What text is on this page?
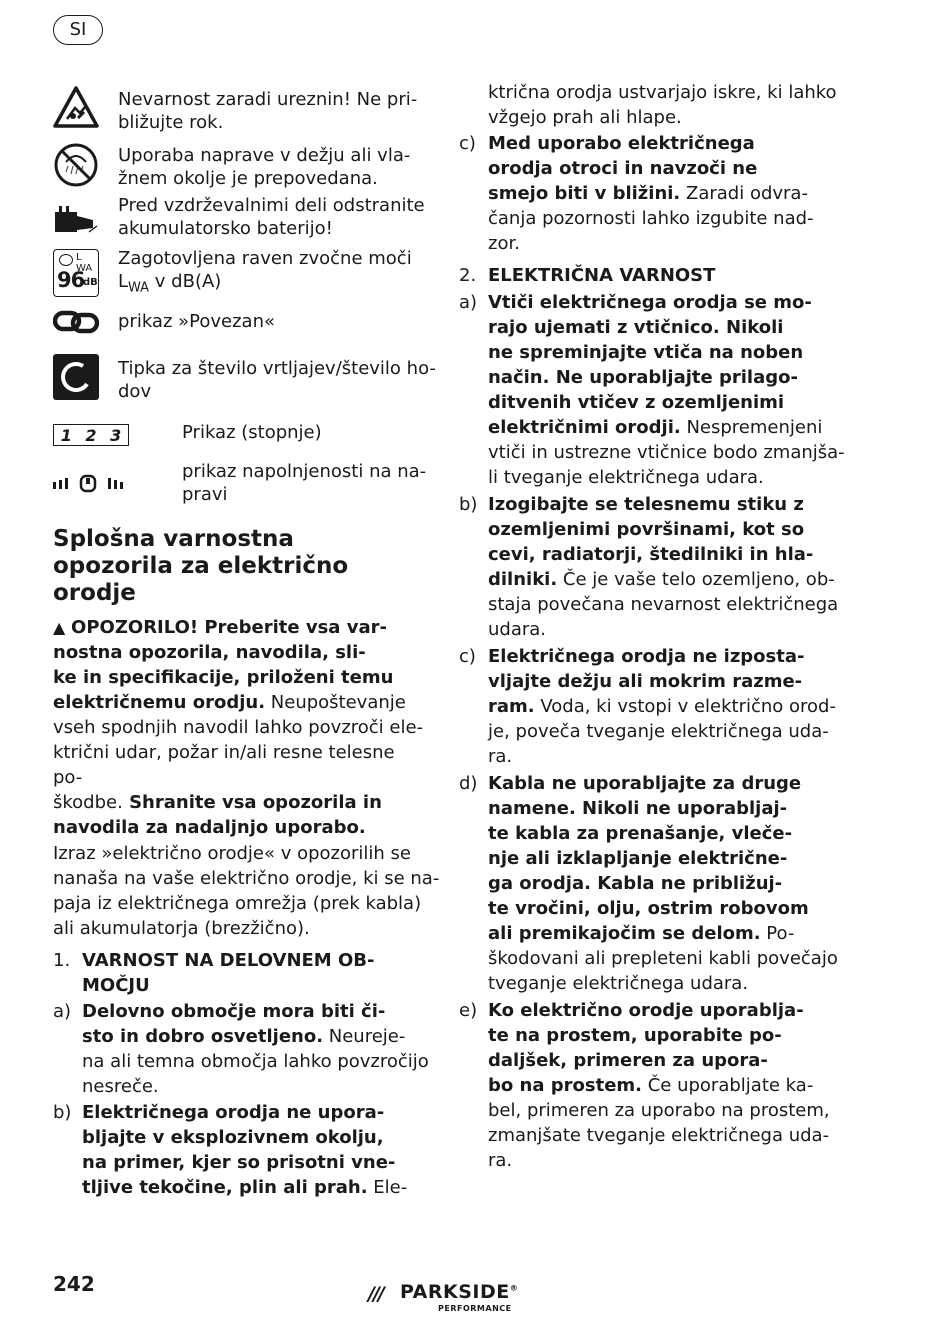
SI
Nevarnost zaradi ureznin! Ne pri-
bližujte rok.
Uporaba naprave v dežju ali vla-
žnem okolje je prepovedana.
Pred vzdrževalnimi deli odstranite
akumulatorsko baterijo!
L WA
96
dB
Zagotovljena raven zvočne moči
$L_{WA}$ v dB(A)
prikaz »Povezan«
Tipka za število vrtljajev/število ho-
dov
1 2 3	Prikaz (stopnje)
prikaz napolnjenosti na na-
pravi
Splošna varnostna
opozorila za električno
orodje

▲ OPOZORILO! Preberite vsa var-
nostna opozorila, navodila, sli-
ke in specifikacije, priloženi temu
električnemu orodju. Neupoštevanje
vseh spodnjih navodil lahko povzroči ele-
ktrični udar, požar in/ali resne telesne po-
škodbe. Shranite vsa opozorila in
navodila za nadaljnjo uporabo.

Izraz »električno orodje« v opozorilih se
nanaša na vaše električno orodje, ki se na-
paja iz električnega omrežja (prek kabla)
ali akumulatorja (brezžično).

1. VARNOST NA DELOVNEM OB-
MOČJU
a) Delovno območje mora biti či-
sto in dobro osvetljeno. Neureje-
na ali temna območja lahko povzročijo
nesreče.
b) Električnega orodja ne upora-
bljajte v eksplozivnem okolju,
na primer, kjer so prisotni vne-
tljive tekočine, plin ali prah. Ele-
ktrična orodja ustvarjajo iskre, ki lahko
vžgejo prah ali hlape.
c) Med uporabo električnega
orodja otroci in navzoči ne
smejo biti v bližini. Zaradi odvra-
čanja pozornosti lahko izgubite nad-
zor.
2. ELEKTRIČNA VARNOST
a) Vtiči električnega orodja se mo-
rajo ujemati z vtičnico. Nikoli
ne spreminjajte vtiča na noben
način. Ne uporabljajte prilago-
ditvenih vtičev z ozemljenimi
električnimi orodji. Nespremenjeni
vtiči in ustrezne vtičnice bodo zmanjša-
li tveganje električnega udara.
b) Izogibajte se telesnemu stiku z
ozemljenimi površinami, kot so
cevi, radiatorji, štedilniki in hla-
dilniki. Če je vaše telo ozemljeno, ob-
staja povečana nevarnost električnega
udara.
c) Električnega orodja ne izposta-
vljajte dežju ali mokrim razme-
ram. Voda, ki vstopi v električno orod-
je, poveča tveganje električnega uda-
ra.
d) Kabla ne uporabljajte za druge
namene. Nikoli ne uporabljaj-
te kabla za prenašanje, vleče-
nje ali izklapljanje električne-
ga orodja. Kabla ne približuj-
te vročini, olju, ostrim robovom
ali premikajočim se delom. Po-
škodovani ali prepleteni kabli povečajo
tveganje električnega udara.
e) Ko električno orodje uporablja-
te na prostem, uporabite po-
daljšek, primeren za upora-
bo na prostem. Če uporabljate ka-
bel, primeren za uporabo na prostem,
zmanjšate tveganje električnega uda-
ra.
242	/// PARKSIDE®
PERFORMANCE
